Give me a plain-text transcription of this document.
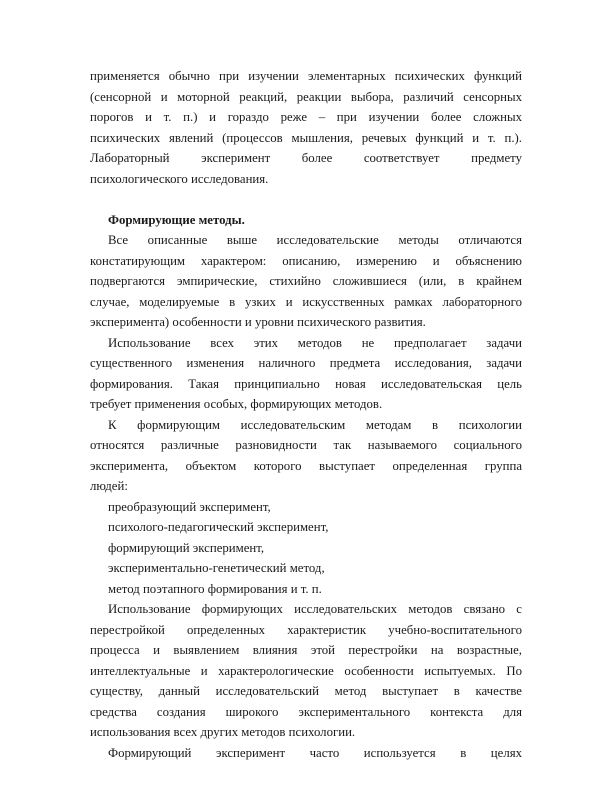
применяется обычно при изучении элементарных психических функций
(сенсорной и моторной реакций, реакции выбора, различий сенсорных
порогов и т. п.) и гораздо реже – при изучении более сложных
психических явлений (процессов мышления, речевых функций и т. п.).
Лабораторный эксперимент более соответствует предмету
психологического исследования.
Формирующие методы.
Все описанные выше исследовательские методы отличаются
констатирующим характером: описанию, измерению и объяснению
подвергаются эмпирические, стихийно сложившиеся (или, в крайнем
случае, моделируемые в узких и искусственных рамках лабораторного
эксперимента) особенности и уровни психического развития.
Использование всех этих методов не предполагает задачи
существенного изменения наличного предмета исследования, задачи
формирования. Такая принципиально новая исследовательская цель
требует применения особых, формирующих методов.
К формирующим исследовательским методам в психологии
относятся различные разновидности так называемого социального
эксперимента, объектом которого выступает определенная группа
людей:
преобразующий эксперимент,
психолого-педагогический эксперимент,
формирующий эксперимент,
экспериментально-генетический метод,
метод поэтапного формирования и т. п.
Использование формирующих исследовательских методов связано с
перестройкой определенных характеристик учебно-воспитательного
процесса и выявлением влияния этой перестройки на возрастные,
интеллектуальные и характерологические особенности испытуемых. По
существу, данный исследовательский метод выступает в качестве
средства создания широкого экспериментального контекста для
использования всех других методов психологии.
Формирующий эксперимент часто используется в целях
